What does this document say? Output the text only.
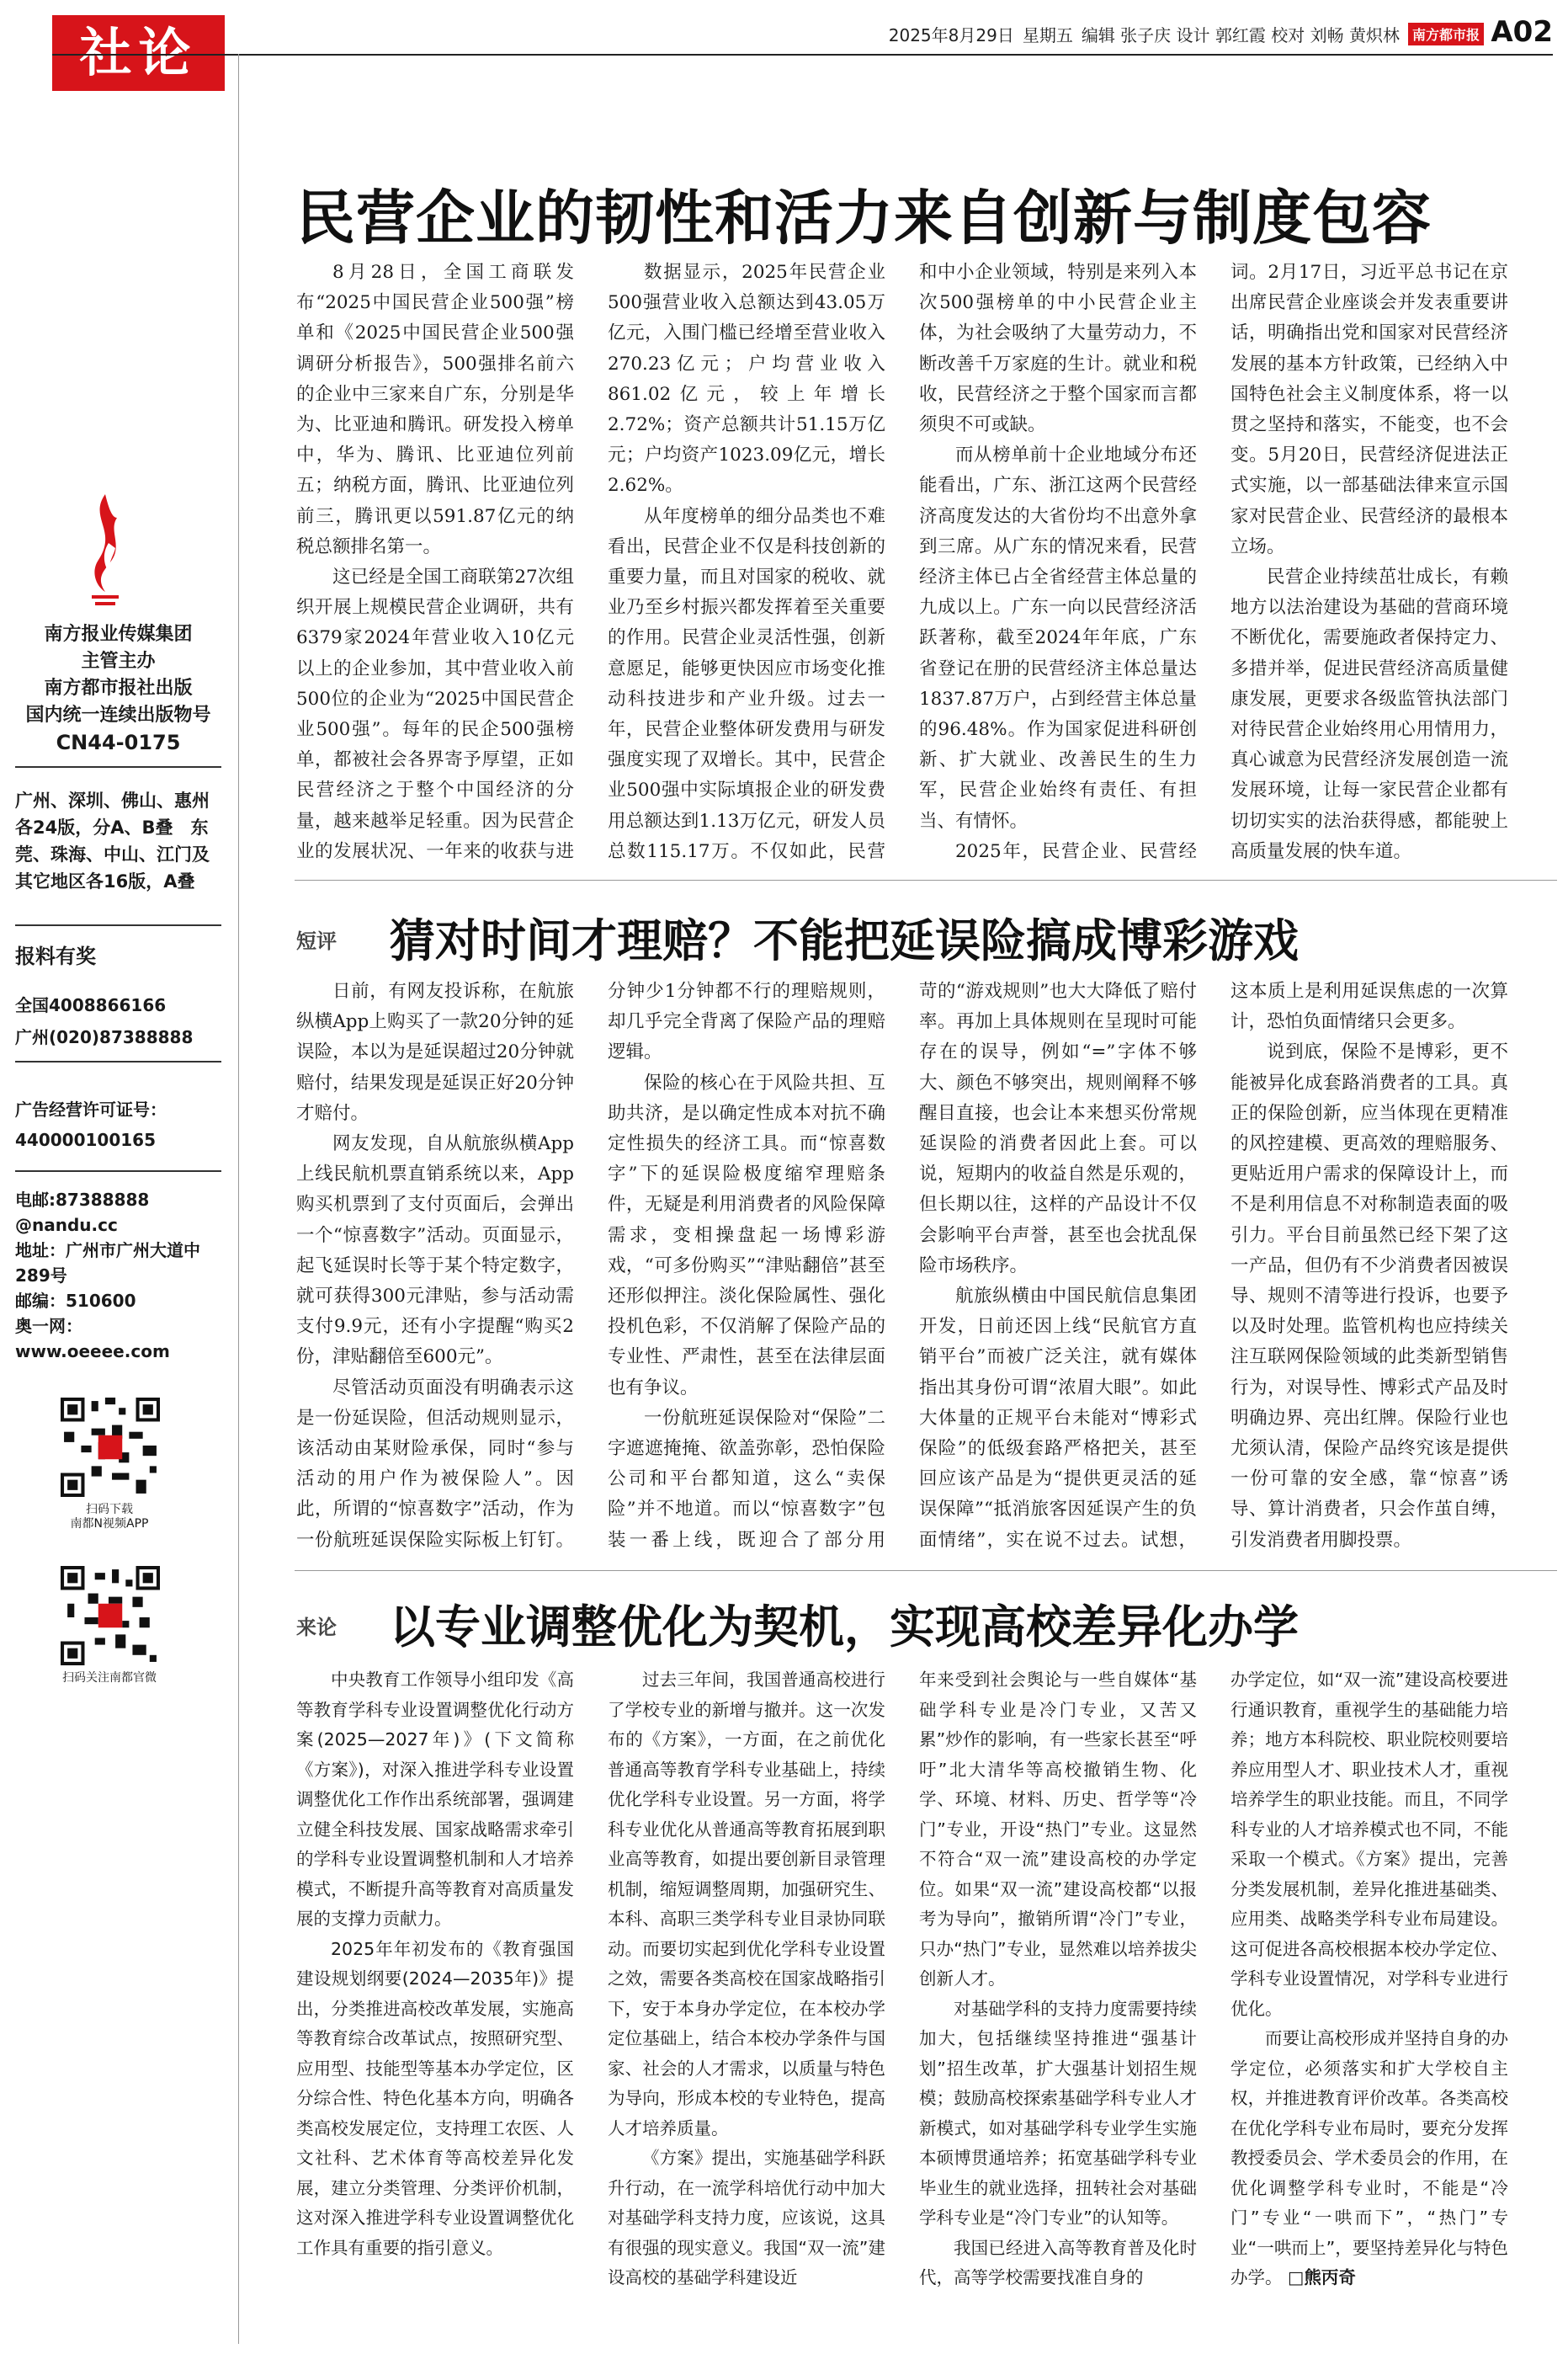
社论	2025年8月29日 星期五 编辑 张子庆 设计 郭红霞 校对 刘畅 黄炽林 南方都市报 A02
南方报业传媒集团
主管主办
南方都市报社出版
国内统一连续出版物号
CN44-0175
广州、深圳、佛山、惠州各24版，分A、B叠　东莞、珠海、中山、江门及其它地区各16版，A叠
报料有奖
全国4008866166
广州(020)87388888
广告经营许可证号：
440000100165
电邮:87388888
@nandu.cc
地址：广州市广州大道中289号
邮编：510600
奥一网：
www.oeeee.com
扫码下载
南都N视频APP
扫码关注南都官微
民营企业的韧性和活力来自创新与制度包容

8月28日，全国工商联发布“2025中国民营企业500强”榜单和《2025中国民营企业500强调研分析报告》，500强排名前六的企业中三家来自广东，分别是华为、比亚迪和腾讯。研发投入榜单中，华为、腾讯、比亚迪位列前五；纳税方面，腾讯、比亚迪位列前三，腾讯更以591.87亿元的纳税总额排名第一。

这已经是全国工商联第27次组织开展上规模民营企业调研，共有6379家2024年营业收入10亿元以上的企业参加，其中营业收入前500位的企业为“2025中国民营企业500强”。每年的民企500强榜单，都被社会各界寄予厚望，正如民营经济之于整个中国经济的分量，越来越举足轻重。因为民营企业的发展状况、一年来的收获与进

数据显示，2025年民营企业500强营业收入总额达到43.05万亿元，入围门槛已经增至营业收入270.23亿元；户均营业收入861.02亿元，较上年增长2.72%；资产总额共计51.15万亿元；户均资产1023.09亿元，增长2.62%。

从年度榜单的细分品类也不难看出，民营企业不仅是科技创新的重要力量，而且对国家的税收、就业乃至乡村振兴都发挥着至关重要的作用。民营企业灵活性强，创新意愿足，能够更快因应市场变化推动科技进步和产业升级。过去一年，民营企业整体研发费用与研发强度实现了双增长。其中，民营企业500强中实际填报企业的研发费用总额达到1.13万亿元，研发人员总数115.17万。不仅如此，民营

和中小企业领域，特别是来列入本次500强榜单的中小民营企业主体，为社会吸纳了大量劳动力，不断改善千万家庭的生计。就业和税收，民营经济之于整个国家而言都须臾不可或缺。

而从榜单前十企业地域分布还能看出，广东、浙江这两个民营经济高度发达的大省份均不出意外拿到三席。从广东的情况来看，民营经济主体已占全省经营主体总量的九成以上。广东一向以民营经济活跃著称，截至2024年年底，广东省登记在册的民营经济主体总量达1837.87万户，占到经营主体总量的96.48%。作为国家促进科研创新、扩大就业、改善民生的生力军，民营企业始终有责任、有担当、有情怀。

2025年，民营企业、民营经

词。2月17日，习近平总书记在京出席民营企业座谈会并发表重要讲话，明确指出党和国家对民营经济发展的基本方针政策，已经纳入中国特色社会主义制度体系，将一以贯之坚持和落实，不能变，也不会变。5月20日，民营经济促进法正式实施，以一部基础法律来宣示国家对民营企业、民营经济的最根本立场。

民营企业持续茁壮成长，有赖地方以法治建设为基础的营商环境不断优化，需要施政者保持定力、多措并举，促进民营经济高质量健康发展，更要求各级监管执法部门对待民营企业始终用心用情用力，真心诚意为民营经济发展创造一流发展环境，让每一家民营企业都有切切实实的法治获得感，都能驶上高质量发展的快车道。

短评 猜对时间才理赔？不能把延误险搞成博彩游戏

日前，有网友投诉称，在航旅纵横App上购买了一款20分钟的延误险，本以为是延误超过20分钟就赔付，结果发现是延误正好20分钟才赔付。

网友发现，自从航旅纵横App上线民航机票直销系统以来，App购买机票到了支付页面后，会弹出一个“惊喜数字”活动。页面显示，起飞延误时长等于某个特定数字，就可获得300元津贴，参与活动需支付9.9元，还有小字提醒“购买2份，津贴翻倍至600元”。

尽管活动页面没有明确表示这是一份延误险，但活动规则显示，该活动由某财险承保，同时“参与活动的用户作为被保险人”。因此，所谓的“惊喜数字”活动，作为一份航班延误保险实际板上钉钉。

分钟少1分钟都不行的理赔规则，却几乎完全背离了保险产品的理赔逻辑。

保险的核心在于风险共担、互助共济，是以确定性成本对抗不确定性损失的经济工具。而“惊喜数字”下的延误险极度缩窄理赔条件，无疑是利用消费者的风险保障需求，变相操盘起一场博彩游戏，“可多份购买”“津贴翻倍”甚至还形似押注。淡化保险属性、强化投机色彩，不仅消解了保险产品的专业性、严肃性，甚至在法律层面也有争议。

一份航班延误保险对“保险”二字遮遮掩掩、欲盖弥彰，恐怕保险公司和平台都知道，这么“卖保险”并不地道。而以“惊喜数字”包装一番上线，既迎合了部分用

苛的“游戏规则”也大大降低了赔付率。再加上具体规则在呈现时可能存在的误导，例如“=”字体不够大、颜色不够突出，规则阐释不够醒目直接，也会让本来想买份常规延误险的消费者因此上套。可以说，短期内的收益自然是乐观的，但长期以往，这样的产品设计不仅会影响平台声誉，甚至也会扰乱保险市场秩序。

航旅纵横由中国民航信息集团开发，日前还因上线“民航官方直销平台”而被广泛关注，就有媒体指出其身份可谓“浓眉大眼”。如此大体量的正规平台未能对“博彩式保险”的低级套路严格把关，甚至回应该产品是为“提供更灵活的延误保障”“抵消旅客因延误产生的负面情绪”，实在说不过去。试想，

这本质上是利用延误焦虑的一次算计，恐怕负面情绪只会更多。

说到底，保险不是博彩，更不能被异化成套路消费者的工具。真正的保险创新，应当体现在更精准的风控建模、更高效的理赔服务、更贴近用户需求的保障设计上，而不是利用信息不对称制造表面的吸引力。平台目前虽然已经下架了这一产品，但仍有不少消费者因被误导、规则不清等进行投诉，也要予以及时处理。监管机构也应持续关注互联网保险领域的此类新型销售行为，对误导性、博彩式产品及时明确边界、亮出红牌。保险行业也尤须认清，保险产品终究该是提供一份可靠的安全感，靠“惊喜”诱导、算计消费者，只会作茧自缚，引发消费者用脚投票。

来论 以专业调整优化为契机，实现高校差异化办学

中央教育工作领导小组印发《高等教育学科专业设置调整优化行动方案(2025—2027年)》(下文简称《方案》)，对深入推进学科专业设置调整优化工作作出系统部署，强调建立健全科技发展、国家战略需求牵引的学科专业设置调整机制和人才培养模式，不断提升高等教育对高质量发展的支撑力贡献力。

2025年年初发布的《教育强国建设规划纲要(2024—2035年)》提出，分类推进高校改革发展，实施高等教育综合改革试点，按照研究型、应用型、技能型等基本办学定位，区分综合性、特色化基本方向，明确各类高校发展定位，支持理工农医、人文社科、艺术体育等高校差异化发展，建立分类管理、分类评价机制，这对深入推进学科专业设置调整优化工作具有重要的指引意义。

过去三年间，我国普通高校进行了学校专业的新增与撤并。这一次发布的《方案》，一方面，在之前优化普通高等教育学科专业基础上，持续优化学科专业设置。另一方面，将学科专业优化从普通高等教育拓展到职业高等教育，如提出要创新目录管理机制，缩短调整周期，加强研究生、本科、高职三类学科专业目录协同联动。而要切实起到优化学科专业设置之效，需要各类高校在国家战略指引下，安于本身办学定位，在本校办学定位基础上，结合本校办学条件与国家、社会的人才需求，以质量与特色为导向，形成本校的专业特色，提高人才培养质量。

《方案》提出，实施基础学科跃升行动，在一流学科培优行动中加大对基础学科支持力度，应该说，这具有很强的现实意义。我国“双一流”建设高校的基础学科建设近

年来受到社会舆论与一些自媒体“基础学科专业是冷门专业，又苦又累”炒作的影响，有一些家长甚至“呼吁”北大清华等高校撤销生物、化学、环境、材料、历史、哲学等“冷门”专业，开设“热门”专业。这显然不符合“双一流”建设高校的办学定位。如果“双一流”建设高校都“以报考为导向”，撤销所谓“冷门”专业，只办“热门”专业，显然难以培养拔尖创新人才。

对基础学科的支持力度需要持续加大，包括继续坚持推进“强基计划”招生改革，扩大强基计划招生规模；鼓励高校探索基础学科专业人才新模式，如对基础学科专业学生实施本硕博贯通培养；拓宽基础学科专业毕业生的就业选择，扭转社会对基础学科专业是“冷门专业”的认知等。

我国已经进入高等教育普及化时代，高等学校需要找准自身的

办学定位，如“双一流”建设高校要进行通识教育，重视学生的基础能力培养；地方本科院校、职业院校则要培养应用型人才、职业技术人才，重视培养学生的职业技能。而且，不同学科专业的人才培养模式也不同，不能采取一个模式。《方案》提出，完善分类发展机制，差异化推进基础类、应用类、战略类学科专业布局建设。这可促进各高校根据本校办学定位、学科专业设置情况，对学科专业进行优化。

而要让高校形成并坚持自身的办学定位，必须落实和扩大学校自主权，并推进教育评价改革。各类高校在优化学科专业布局时，要充分发挥教授委员会、学术委员会的作用，在优化调整学科专业时，不能是“冷门”专业“一哄而下”，“热门”专业“一哄而上”，要坚持差异化与特色办学。 □熊丙奇
